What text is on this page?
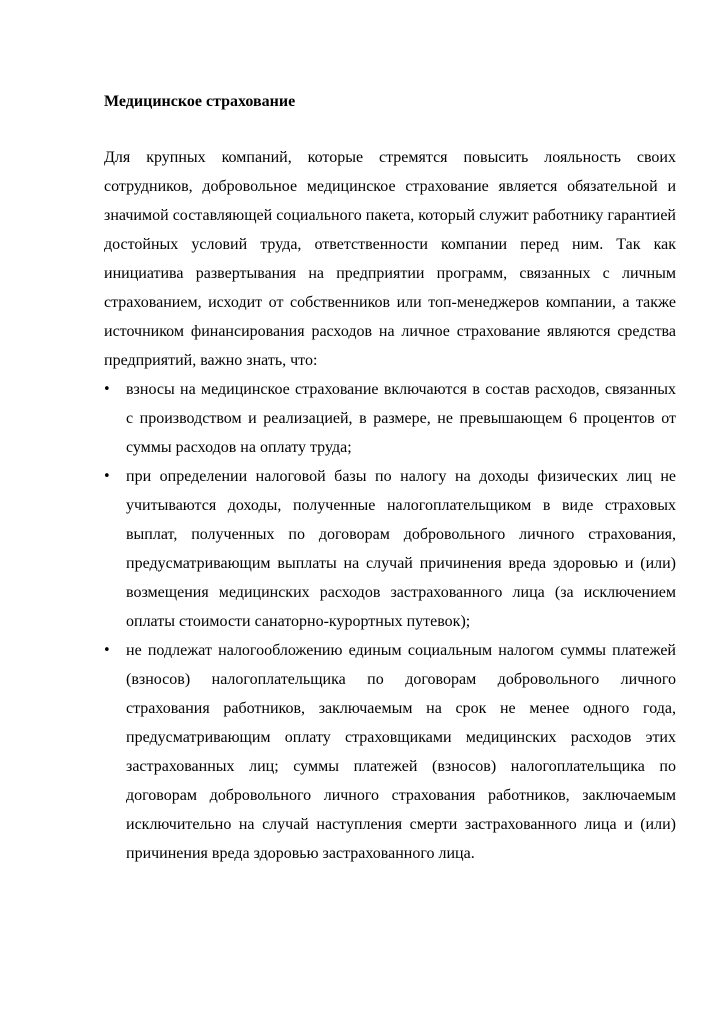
Медицинское страхование

Для крупных компаний, которые стремятся повысить лояльность своих сотрудников, добровольное медицинское страхование является обязательной и значимой составляющей социального пакета, который служит работнику гарантией достойных условий труда, ответственности компании перед ним. Так как инициатива развертывания на предприятии программ, связанных с личным страхованием, исходит от собственников или топ-менеджеров компании, а также источником финансирования расходов на личное страхование являются средства предприятий, важно знать, что:

• взносы на медицинское страхование включаются в состав расходов, связанных с производством и реализацией, в размере, не превышающем 6 процентов от суммы расходов на оплату труда;
• при определении налоговой базы по налогу на доходы физических лиц не учитываются доходы, полученные налогоплательщиком в виде страховых выплат, полученных по договорам добровольного личного страхования, предусматривающим выплаты на случай причинения вреда здоровью и (или) возмещения медицинских расходов застрахованного лица (за исключением оплаты стоимости санаторно-курортных путевок);
• не подлежат налогообложению единым социальным налогом суммы платежей (взносов) налогоплательщика по договорам добровольного личного страхования работников, заключаемым на срок не менее одного года, предусматривающим оплату страховщиками медицинских расходов этих застрахованных лиц; суммы платежей (взносов) налогоплательщика по договорам добровольного личного страхования работников, заключаемым исключительно на случай наступления смерти застрахованного лица и (или) причинения вреда здоровью застрахованного лица.
